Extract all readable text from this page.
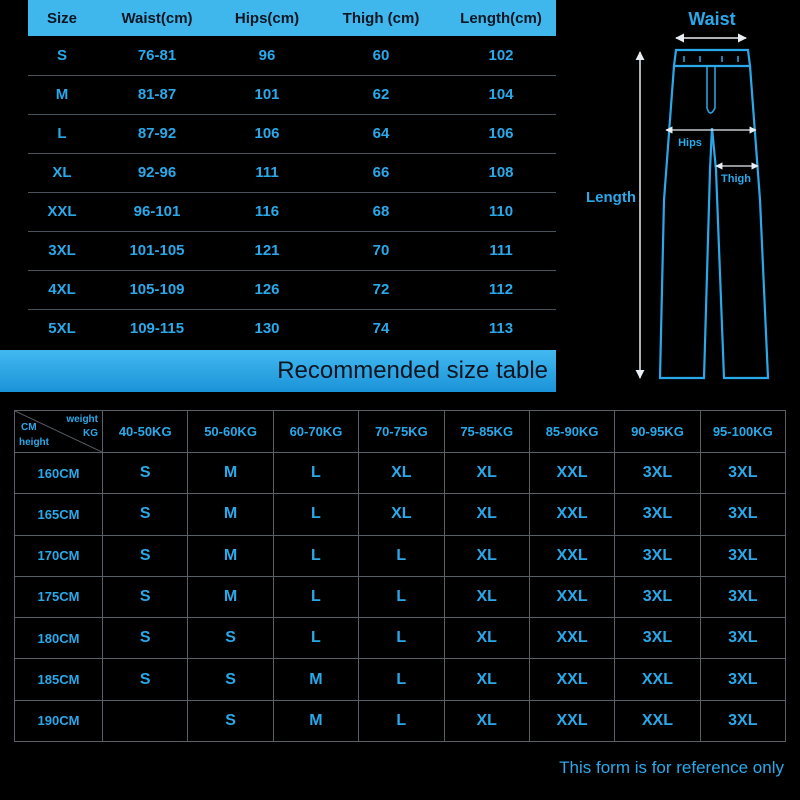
Size	Waist(cm)	Hips(cm)	Thigh (cm)	Length(cm)
S	76-81	96	60	102
M	81-87	101	62	104
L	87-92	106	64	106
XL	92-96	111	66	108
XXL	96-101	116	68	110
3XL	101-105	121	70	111
4XL	105-109	126	72	112
5XL	109-115	130	74	113
Recommended size table
Waist
Length
Hips
Thigh
weight
KG
CM
height	40-50KG	50-60KG	60-70KG	70-75KG	75-85KG	85-90KG	90-95KG	95-100KG
160CM	S	M	L	XL	XL	XXL	3XL	3XL
165CM	S	M	L	XL	XL	XXL	3XL	3XL
170CM	S	M	L	L	XL	XXL	3XL	3XL
175CM	S	M	L	L	XL	XXL	3XL	3XL
180CM	S	S	L	L	XL	XXL	3XL	3XL
185CM	S	S	M	L	XL	XXL	XXL	3XL
190CM		S	M	L	XL	XXL	XXL	3XL
This form is for reference only
